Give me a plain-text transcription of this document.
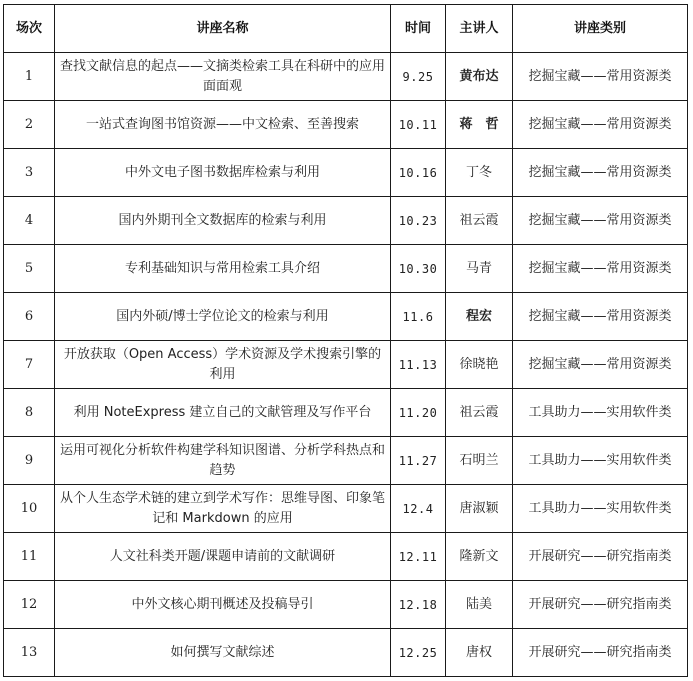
场次	讲座名称	时间	主讲人	讲座类别
1	查找文献信息的起点——文摘类检索工具在科研中的应用面面观	9.25	黄布达	挖掘宝藏——常用资源类
2	一站式查询图书馆资源——中文检索、至善搜索	10.11	蒋　哲	挖掘宝藏——常用资源类
3	中外文电子图书数据库检索与利用	10.16	丁冬	挖掘宝藏——常用资源类
4	国内外期刊全文数据库的检索与利用	10.23	祖云霞	挖掘宝藏——常用资源类
5	专利基础知识与常用检索工具介绍	10.30	马青	挖掘宝藏——常用资源类
6	国内外硕/博士学位论文的检索与利用	11.6	程宏	挖掘宝藏——常用资源类
7	开放获取（Open Access）学术资源及学术搜索引擎的利用	11.13	徐晓艳	挖掘宝藏——常用资源类
8	利用 NoteExpress 建立自己的文献管理及写作平台	11.20	祖云霞	工具助力——实用软件类
9	运用可视化分析软件构建学科知识图谱、分析学科热点和趋势	11.27	石明兰	工具助力——实用软件类
10	从个人生态学术链的建立到学术写作：思维导图、印象笔记和 Markdown 的应用	12.4	唐淑颖	工具助力——实用软件类
11	人文社科类开题/课题申请前的文献调研	12.11	隆新文	开展研究——研究指南类
12	中外文核心期刊概述及投稿导引	12.18	陆美	开展研究——研究指南类
13	如何撰写文献综述	12.25	唐权	开展研究——研究指南类
